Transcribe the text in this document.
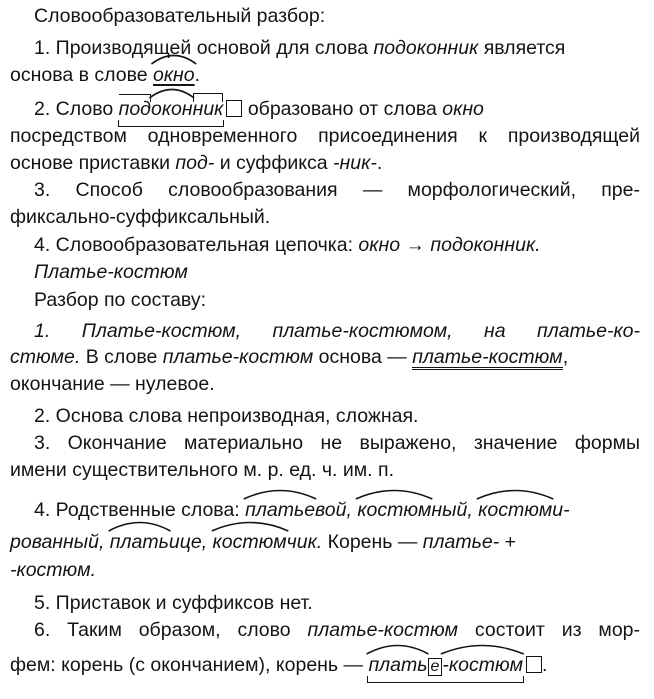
Словообразовательный разбор:
1. Производящей основой для слова подоконник является
основа в слове
окно.
2. Слово под
оконник образовано от слова окно
посредством одновременного присоединения к производящей
основе приставки под- и суффикса -ник-.
3. Способ словообразования — морфологический, пре-
фиксально-суффиксальный.
4. Словообразовательная цепочка: окно → подоконник.
Платье-костюм
Разбор по составу:
1. Платье-костюм, платье-костюмом, на платье-ко-
стюме. В слове платье-костюм основа — платье-костюм,
окончание — нулевое.
2. Основа слова непроизводная, сложная.
3. Окончание материально не выражено, значение формы
имени существительного м. р. ед. ч. им. п.
4. Родственные слова:
платьевой, костюмный, костюми-
рованный, платьице, костюмчик. Корень — платье- +
-костюм.
5. Приставок и суффиксов нет.
6. Таким образом, слово платье-костюм состоит из мор-
фем: корень (с окончанием), корень —
плать е -костюм .
